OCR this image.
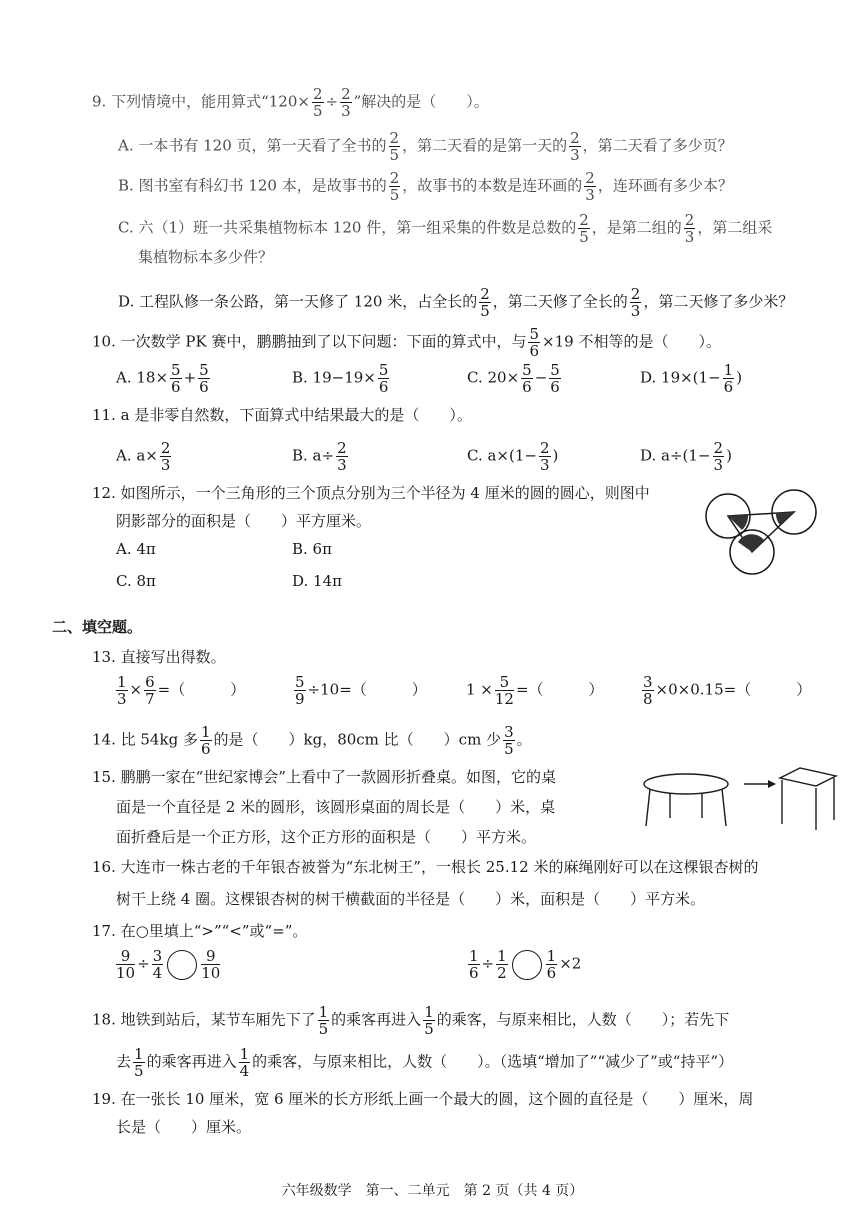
9. 下列情境中，能用算式“$120\times \frac{2}{5} \div \frac{2}{3}$ ”解决的是（　　）。
A. 一本书有 120 页，第一天看了全书的 $\frac{2}{5}$ ，第二天看的是第一天的 $\frac{2}{3}$ ，第二天看了多少页？
B. 图书室有科幻书 120 本，是故事书的 $\frac{2}{5}$ ，故事书的本数是连环画的 $\frac{2}{3}$ ，连环画有多少本？
C. 六（1）班一共采集植物标本 120 件，第一组采集的件数是总数的 $\frac{2}{5}$ ，是第二组的 $\frac{2}{3}$ ，第二组采
集植物标本多少件？
D. 工程队修一条公路，第一天修了 120 米，占全长的 $\frac{2}{5}$ ，第二天修了全长的 $\frac{2}{3}$ ，第二天修了多少米？
10. 一次数学 PK 赛中，鹏鹏抽到了以下问题：下面的算式中，与 $\frac{5}{6} \times 19$ 不相等的是（　　）。
A. $18\times \frac{5}{6} + \frac{5}{6}$	B. $19-19\times \frac{5}{6}$	C. $20\times \frac{5}{6} - \frac{5}{6}$	D. $19\times(1- \frac{1}{6}$ )
11. a 是非零自然数，下面算式中结果最大的是（　　）。
A. $a\times \frac{2}{3}$	B. $a\div \frac{2}{3}$	C. $a\times(1- \frac{2}{3}$ )	D. $a\div(1- \frac{2}{3}$ )
12. 如图所示，一个三角形的三个顶点分别为三个半径为 4 厘米的圆的圆心，则图中
阴影部分的面积是（　　）平方厘米。
A. 4π	B. 6π
C. 8π	D. 14π
二、填空题。
13. 直接写出得数。
$\frac{1}{3} \times \frac{6}{7}$ =（　　　）	$\frac{5}{9} \div 10=$（　　　）	$1 \times \frac{5}{12}$ =（　　　）	$\frac{3}{8} \times 0\times 0.15=$（　　　）
14. 比 54kg 多 $\frac{1}{6}$ 的是（　　）kg，80cm 比（　　）cm 少 $\frac{3}{5}$ 。
15. 鹏鹏一家在“世纪家博会”上看中了一款圆形折叠桌。如图，它的桌
面是一个直径是 2 米的圆形，该圆形桌面的周长是（　　）米，桌
面折叠后是一个正方形，这个正方形的面积是（　　）平方米。
16. 大连市一株古老的千年银杏被誉为“东北树王”，一根长 25.12 米的麻绳刚好可以在这棵银杏树的
树干上绕 4 圈。这棵银杏树的树干横截面的半径是（　　）米，面积是（　　）平方米。
17. 在○里填上“>”“<”或“=”。
$\frac{9}{10} \div \frac{3}{4}$	$\frac{9}{10}$	$\frac{1}{6} \div \frac{1}{2}$	$\frac{1}{6} \times 2$
18. 地铁到站后，某节车厢先下了 $\frac{1}{5}$ 的乘客再进入 $\frac{1}{5}$ 的乘客，与原来相比，人数（　　）；若先下
去 $\frac{1}{5}$ 的乘客再进入 $\frac{1}{4}$ 的乘客，与原来相比，人数（　　）。（选填“增加了”“减少了”或“持平”）
19. 在一张长 10 厘米，宽 6 厘米的长方形纸上画一个最大的圆，这个圆的直径是（　　）厘米，周
长是（　　）厘米。
六年级数学　第一、二单元　第 2 页（共 4 页）
